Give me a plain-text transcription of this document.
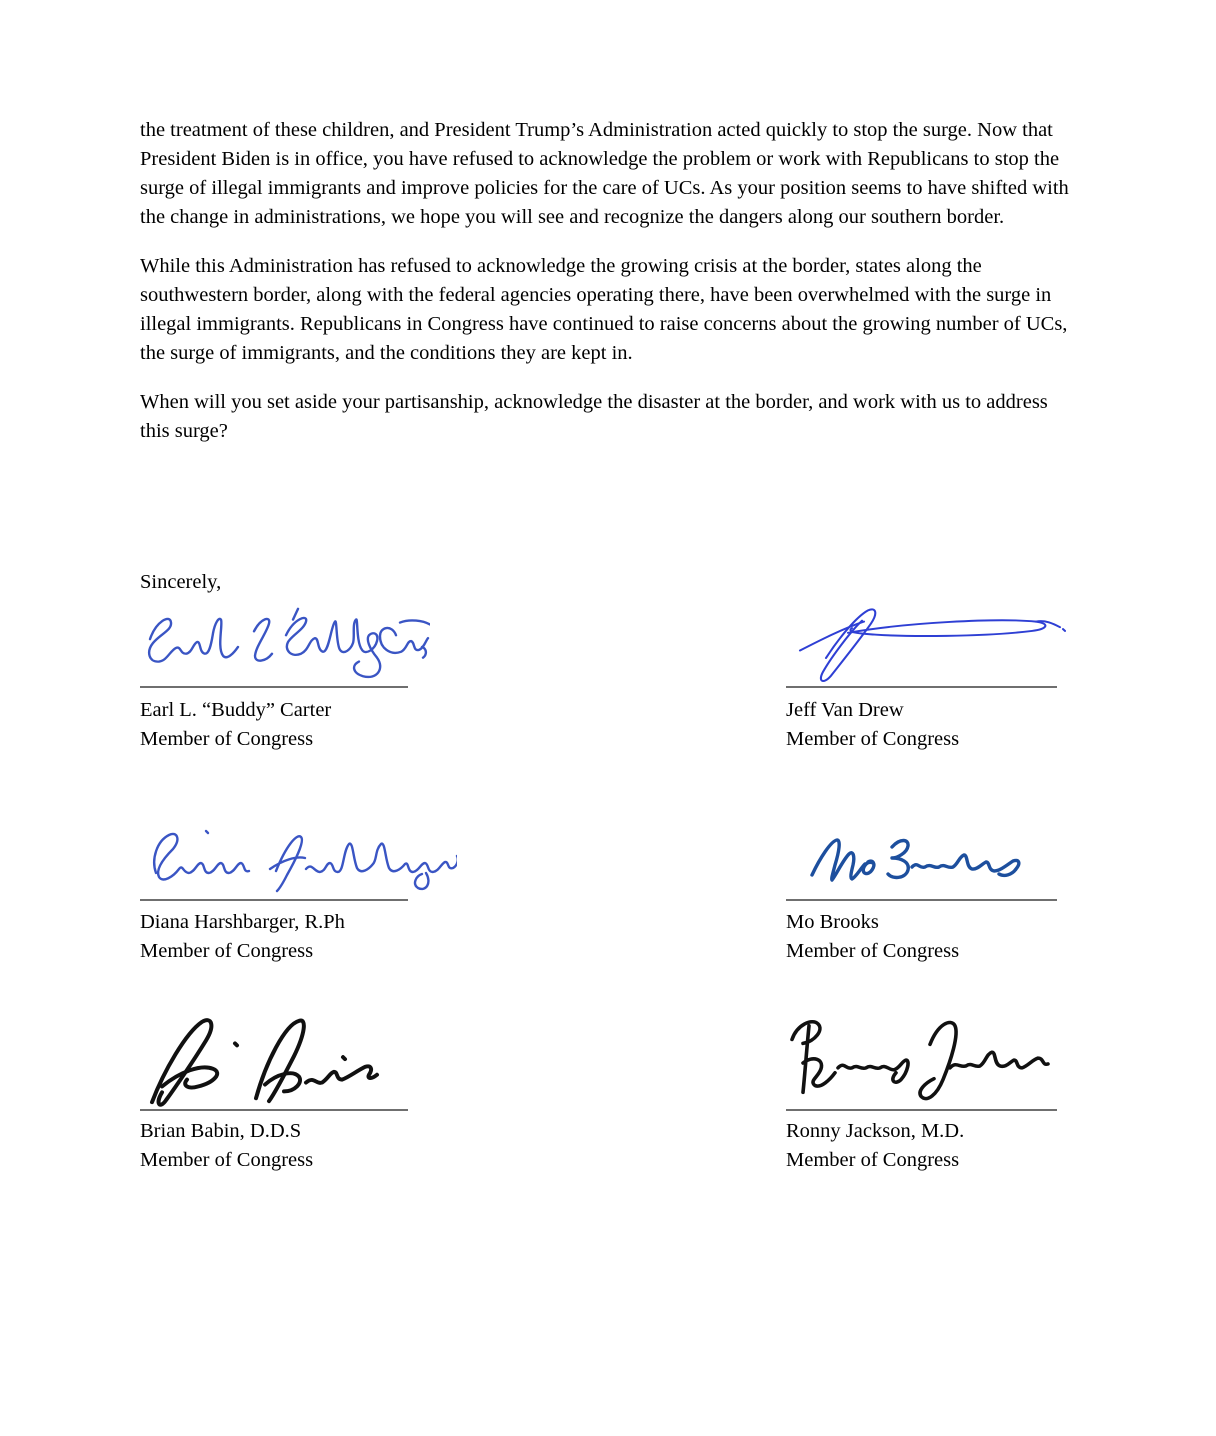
the treatment of these children, and President Trump’s Administration acted quickly to stop the surge. Now that President Biden is in office, you have refused to acknowledge the problem or work with Republicans to stop the surge of illegal immigrants and improve policies for the care of UCs. As your position seems to have shifted with the change in administrations, we hope you will see and recognize the dangers along our southern border.

While this Administration has refused to acknowledge the growing crisis at the border, states along the southwestern border, along with the federal agencies operating there, have been overwhelmed with the surge in illegal immigrants. Republicans in Congress have continued to raise concerns about the growing number of UCs, the surge of immigrants, and the conditions they are kept in.

When will you set aside your partisanship, acknowledge the disaster at the border, and work with us to address this surge?

Sincerely,
Earl L. “Buddy” Carter
Member of Congress
Jeff Van Drew
Member of Congress
Diana Harshbarger, R.Ph
Member of Congress
Mo Brooks
Member of Congress
Brian Babin, D.D.S
Member of Congress
Ronny Jackson, M.D.
Member of Congress
